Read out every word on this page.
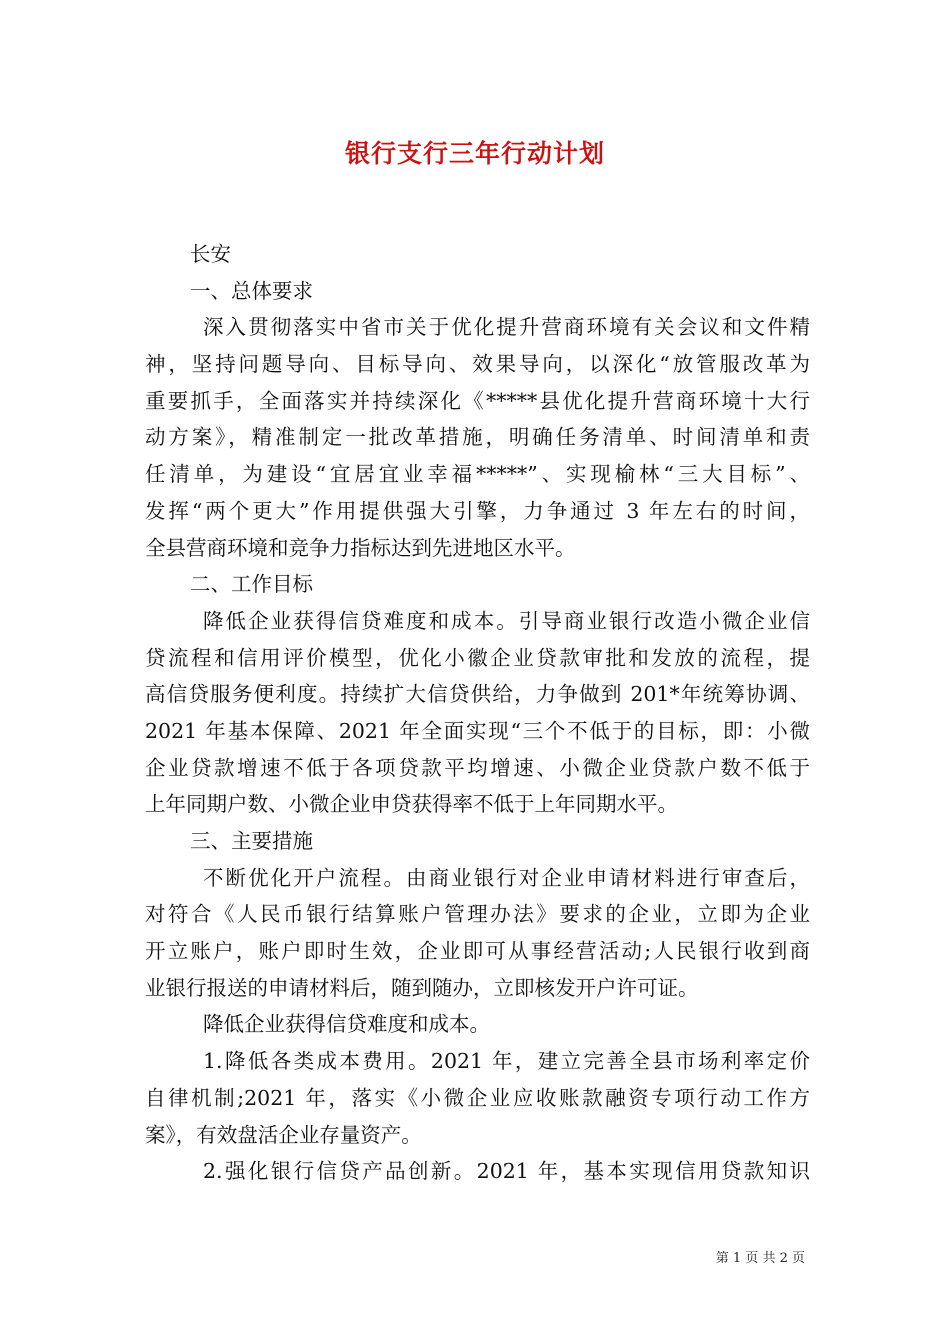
银行支行三年行动计划
长安
一、总体要求
深入贯彻落实中省市关于优化提升营商环境有关会议和文件精
神，坚持问题导向、目标导向、效果导向，以深化“放管服改革为
重要抓手，全面落实并持续深化《*****县优化提升营商环境十大行
动方案》，精准制定一批改革措施，明确任务清单、时间清单和责
任清单，为建设“宜居宜业幸福*****”、实现榆林“三大目标”、
发挥“两个更大”作用提供强大引擎，力争通过 3 年左右的时间，
全县营商环境和竞争力指标达到先进地区水平。
二、工作目标
降低企业获得信贷难度和成本。引导商业银行改造小微企业信
贷流程和信用评价模型，优化小徽企业贷款审批和发放的流程，提
高信贷服务便利度。持续扩大信贷供给，力争做到 201*年统筹协调、
2021 年基本保障、2021 年全面实现“三个不低于的目标，即：小微
企业贷款增速不低于各项贷款平均增速、小微企业贷款户数不低于
上年同期户数、小微企业申贷获得率不低于上年同期水平。
三、主要措施
不断优化开户流程。由商业银行对企业申请材料进行审查后，
对符合《人民币银行结算账户管理办法》要求的企业，立即为企业
开立账户，账户即时生效，企业即可从事经营活动;人民银行收到商
业银行报送的申请材料后，随到随办，立即核发开户许可证。
降低企业获得信贷难度和成本。
1.降低各类成本费用。2021 年，建立完善全县市场利率定价
自律机制;2021 年，落实《小微企业应收账款融资专项行动工作方
案》，有效盘活企业存量资产。
2.强化银行信贷产品创新。2021 年，基本实现信用贷款知识
第 1 页 共 2 页
